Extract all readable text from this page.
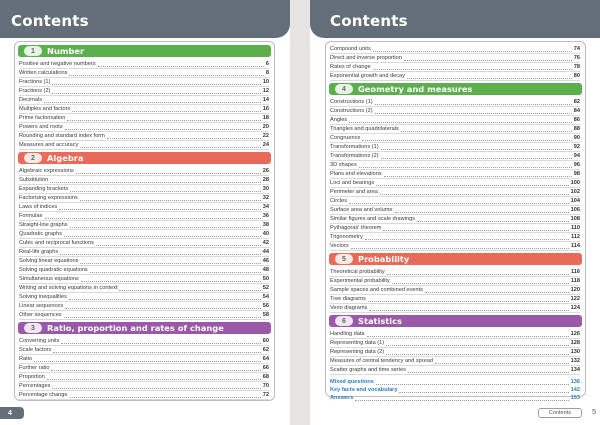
Contents
1 Number
Positive and negative numbers	6
Written calculations	8
Fractions (1)	10
Fractions (2)	12
Decimals	14
Multiples and factors	16
Prime factorisation	18
Powers and roots	20
Rounding and standard index form	22
Measures and accuracy	24
2 Algebra
Algebraic expressions	26
Substitution	28
Expanding brackets	30
Factorising expressions	32
Laws of indices	34
Formulae	36
Straight-line graphs	38
Quadratic graphs	40
Cubic and reciprocal functions	42
Real-life graphs	44
Solving linear equations	46
Solving quadratic equations	48
Simultaneous equations	50
Writing and solving equations in context	52
Solving inequalities	54
Linear sequences	56
Other sequences	58
3 Ratio, proportion and rates of change
Converting units	60
Scale factors	62
Ratio	64
Further ratio	66
Proportion	68
Percentages	70
Percentage change	72
4
Contents
Compound units	74
Direct and inverse proportion	76
Rates of change	78
Exponential growth and decay	80
4 Geometry and measures
Constructions (1)	82
Constructions (2)	84
Angles	86
Triangles and quadrilaterals	88
Congruence	90
Transformations (1)	92
Transformations (2)	94
3D shapes	96
Plans and elevations	98
Loci and bearings	100
Perimeter and area	102
Circles	104
Surface area and volume	106
Similar figures and scale drawings	108
Pythagoras' theorem	110
Trigonometry	112
Vectors	114
5 Probability
Theoretical probability	116
Experimental probability	118
Sample spaces and combined events	120
Tree diagrams	122
Venn diagrams	124
6 Statistics
Handling data	126
Representing data (1)	128
Representing data (2)	130
Measures of central tendency and spread	132
Scatter graphs and time series	134
Mixed questions	136
Key facts and vocabulary	142
Answers	153
Contents	5
